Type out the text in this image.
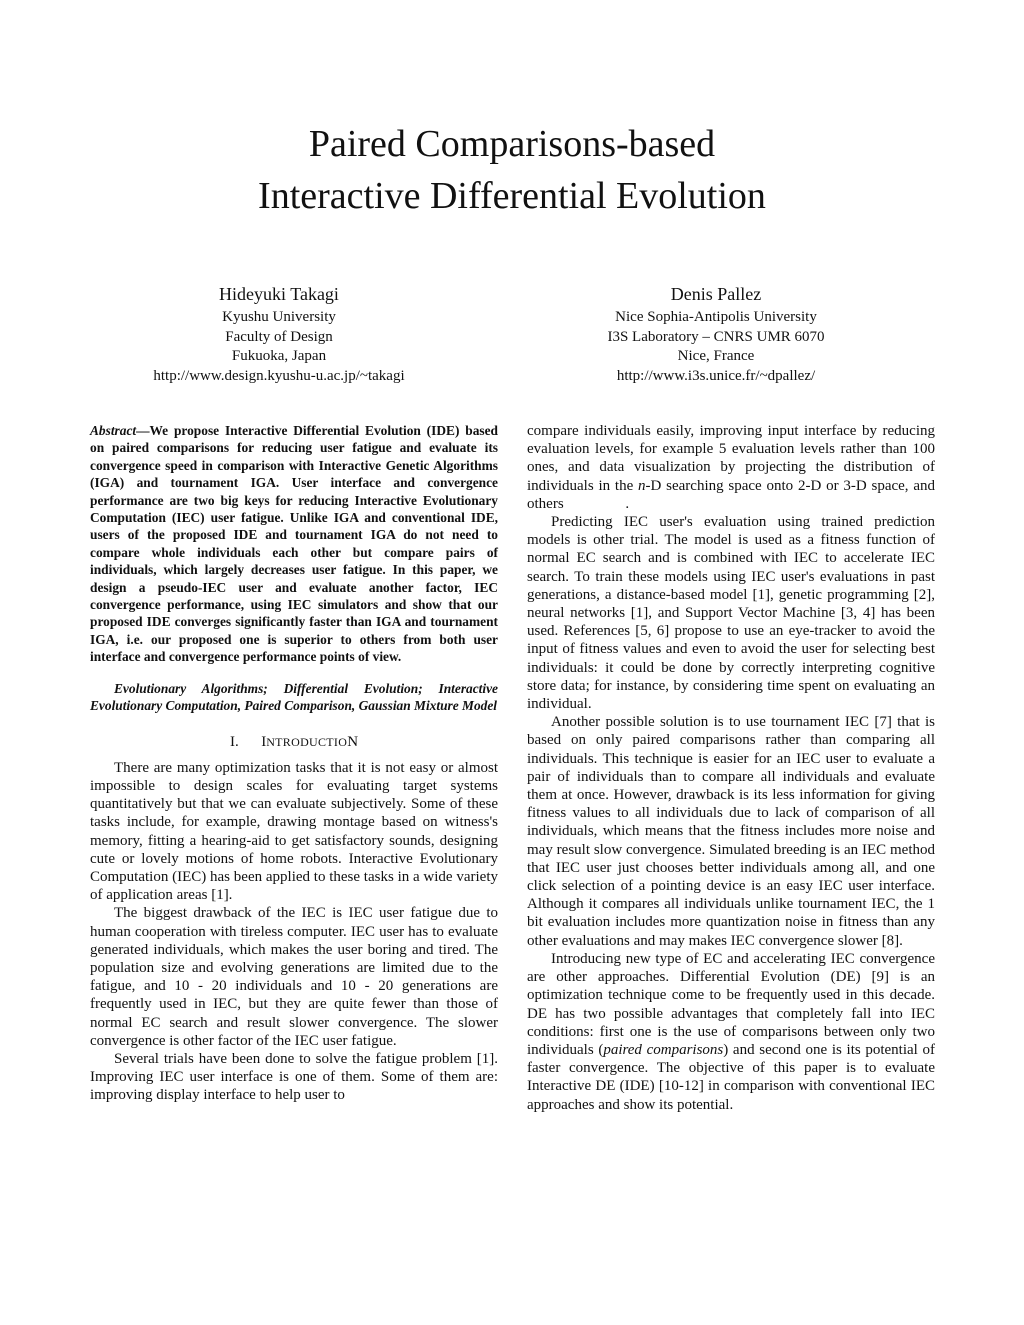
Paired Comparisons-based
Interactive Differential Evolution
Hideyuki Takagi
Kyushu University
Faculty of Design
Fukuoka, Japan
http://www.design.kyushu-u.ac.jp/~takagi
Denis Pallez
Nice Sophia-Antipolis University
I3S Laboratory – CNRS UMR 6070
Nice, France
http://www.i3s.unice.fr/~dpallez/

Abstract—We propose Interactive Differential Evolution (IDE) based on paired comparisons for reducing user fatigue and evaluate its convergence speed in comparison with Interactive Genetic Algorithms (IGA) and tournament IGA. User interface and convergence performance are two big keys for reducing Interactive Evolutionary Computation (IEC) user fatigue. Unlike IGA and conventional IDE, users of the proposed IDE and tournament IGA do not need to compare whole individuals each other but compare pairs of individuals, which largely decreases user fatigue. In this paper, we design a pseudo-IEC user and evaluate another factor, IEC convergence performance, using IEC simulators and show that our proposed IDE converges significantly faster than IGA and tournament IGA, i.e. our proposed one is superior to others from both user interface and convergence performance points of view.

Evolutionary Algorithms; Differential Evolution; Interactive Evolutionary Computation, Paired Comparison, Gaussian Mixture Model

I. INTRODUCTION

There are many optimization tasks that it is not easy or almost impossible to design scales for evaluating target systems quantitatively but that we can evaluate subjectively. Some of these tasks include, for example, drawing montage based on witness's memory, fitting a hearing-aid to get satisfactory sounds, designing cute or lovely motions of home robots. Interactive Evolutionary Computation (IEC) has been applied to these tasks in a wide variety of application areas [1].

The biggest drawback of the IEC is IEC user fatigue due to human cooperation with tireless computer. IEC user has to evaluate generated individuals, which makes the user boring and tired. The population size and evolving generations are limited due to the fatigue, and 10 - 20 individuals and 10 - 20 generations are frequently used in IEC, but they are quite fewer than those of normal EC search and result slower convergence. The slower convergence is other factor of the IEC user fatigue.

Several trials have been done to solve the fatigue problem [1]. Improving IEC user interface is one of them. Some of them are: improving display interface to help user to

compare individuals easily, improving input interface by reducing evaluation levels, for example 5 evaluation levels rather than 100 ones, and data visualization by projecting the distribution of individuals in the n-D searching space onto 2-D or 3-D space, and others	.

Predicting IEC user's evaluation using trained prediction models is other trial. The model is used as a fitness function of normal EC search and is combined with IEC to accelerate IEC search. To train these models using IEC user's evaluations in past generations, a distance-based model [1], genetic programming [2], neural networks [1], and Support Vector Machine [3, 4] has been used. References [5, 6] propose to use an eye-tracker to avoid the input of fitness values and even to avoid the user for selecting best individuals: it could be done by correctly interpreting cognitive store data; for instance, by considering time spent on evaluating an individual.

Another possible solution is to use tournament IEC [7] that is based on only paired comparisons rather than comparing all individuals. This technique is easier for an IEC user to evaluate a pair of individuals than to compare all individuals and evaluate them at once. However, drawback is its less information for giving fitness values to all individuals due to lack of comparison of all individuals, which means that the fitness includes more noise and may result slow convergence. Simulated breeding is an IEC method that IEC user just chooses better individuals among all, and one click selection of a pointing device is an easy IEC user interface. Although it compares all individuals unlike tournament IEC, the 1 bit evaluation includes more quantization noise in fitness than any other evaluations and may makes IEC convergence slower [8].

Introducing new type of EC and accelerating IEC convergence are other approaches. Differential Evolution (DE) [9] is an optimization technique come to be frequently used in this decade. DE has two possible advantages that completely fall into IEC conditions: first one is the use of comparisons between only two individuals (paired comparisons) and second one is its potential of faster convergence. The objective of this paper is to evaluate Interactive DE (IDE) [10-12] in comparison with conventional IEC approaches and show its potential.
